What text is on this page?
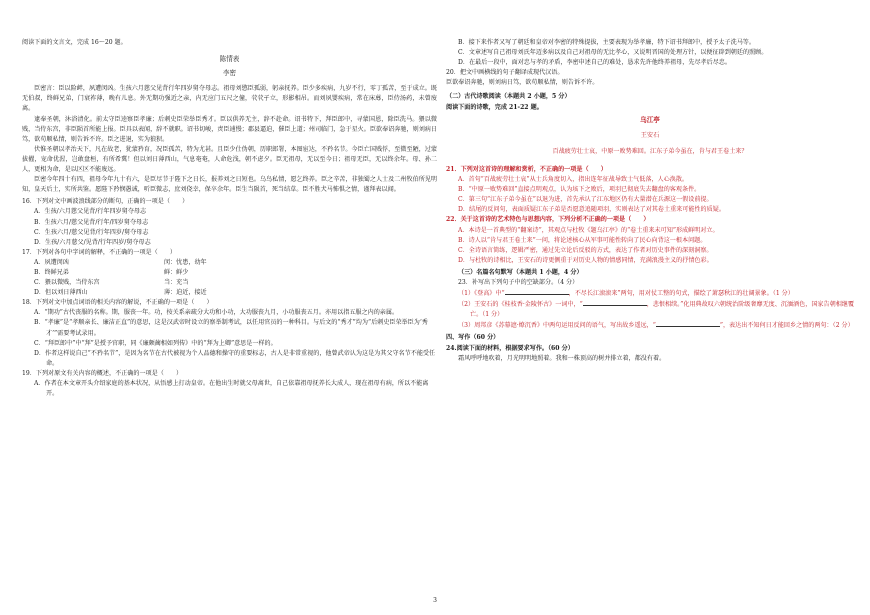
阅读下面的文言文，完成 16～20 题。

陈情表

李密

臣密言：臣以险衅，夙遭闵凶。生孩六月慈父见背行年四岁舅夺母志。祖母刘愍臣孤弱，躬亲抚养。臣少多疾病，九岁不行，零丁孤苦，至于成立。既无伯叔，终鲜兄弟，门衰祚薄，晚有儿息。外无期功强近之亲，内无应门五尺之僮，茕茕孑立，形影相吊。而刘夙婴疾病，常在床蓐，臣侍汤药，未曾废离。

逮奉圣朝，沐浴清化。前太守臣逵察臣孝廉；后刺史臣荣举臣秀才。臣以供养无主，辞不赴命。诏书特下，拜臣郎中，寻蒙国恩，除臣洗马。猥以微贱，当侍东宫，非臣陨首所能上报。臣具以表闻，辞不就职。诏书切峻，责臣逋慢；郡县逼迫，催臣上道；州司临门，急于星火。臣欲奉诏奔驰，则刘病日笃，欲苟顺私情，则告诉不许。臣之进退，实为狼狈。

伏惟圣朝以孝治天下，凡在故老，犹蒙矜育，况臣孤苦，特为尤甚。且臣少仕伪朝，历职郎署，本图宦达，不矜名节。今臣亡国贱俘，至微至陋，过蒙拔擢，宠命优渥，岂敢盘桓，有所希冀！但以刘日薄西山，气息奄奄，人命危浅，朝不虑夕。臣无祖母，无以至今日；祖母无臣，无以终余年。母、孙二人，更相为命，是以区区不能废远。

臣密今年四十有四，祖母今年九十有六，是臣尽节于陛下之日长，报养刘之日短也。乌鸟私情，愿乞终养。臣之辛苦，非独蜀之人士及二州牧伯所见明知，皇天后土，实所共鉴。愿陛下矜悯愚诚，听臣微志，庶刘侥幸，保卒余年。臣生当陨首，死当结草。臣不胜犬马怖惧之情，谨拜表以闻。

16．下列对文中画波浪线部分的断句，正确的一项是（　　）

A．生孩/六月慈父见背/行年四岁舅夺母志

B．生孩六月/慈父见背/行年/四岁舅夺母志

C．生孩六月/慈父见背/行年四岁/舅夺母志

D．生孩/六月慈父/见背/行年四岁/舅夺母志

17．下列对各句中字词的解释，不正确的一项是（　　）

A．夙遭闵凶	闵：忧患，幼年

B．终鲜兄弟	鲜：鲜少

C．猥以微贱，当侍东宫	当：充当

D．但以刘日薄西山	薄：迫近，接近

18．下列对文中加点词语的相关内容的解说，不正确的一项是（　　）

A．“期功”古代丧服的名称。期，服丧一年。功，按关系亲疏分大功和小功，大功服丧九月，小功服丧五月。亦用以指五服之内的亲属。

B．“孝廉”是“孝顺亲长、廉洁正直”的意思，这是汉武帝时设立的察举制考试，以任用官员的一种科目。与后文的“秀才”均为“后刺史臣荣举臣为‘秀才’”需要考试录用。

C．“拜臣郎中”中“拜”是授予官职，同《廉颇蔺相如列传》中的“拜为上卿”意思是一样的。

D．作者这样说自己“不矜名节”，是因为名节在古代被视为个人品德和操守的重要标志，古人是非常重视的，他曾武帝认为这是为其父守名节不能受任命。

19．下列对原文有关内容的概述，不正确的一项是（　　）

A．作者在本文章开头介绍家庭的基本状况，从悟感上打动皇帝。在他出生时就父母离世，自己依靠祖母抚养长大成人，现在祖母有病，所以不能离开。

B．接下来作者又写了朝廷和皇帝对李密的特殊提拔，主要表现为举孝廉，特下诏书拜郎中，授予太子洗马等。

C．文章述写自己祖母刘氏年迈多病以及自己对祖母的无比孝心，又说明晋国的处理方针，以便征辟到朝廷的照顾。

D．在最后一段中，面对忠与孝的矛盾，李密申述自己的难处，恳求先许他终养祖母，先尽孝后尽忠。

20．把文中画横线的句子翻译成现代汉语。

臣欲奉诏奔驰，则刘病日笃，欲苟顺私情，则告诉不许。

（二）古代诗歌阅读（本题共 2 小题，5 分）

阅读下面的诗歌，完成 21-22 题。

乌江亭

王安石

百战疲劳壮士哀，中原一败势难回。江东子弟今虽在，肯与君王卷土来？

21．下列对这首诗的理解和赏析，不正确的一项是（　　）

A．首句“百战疲劳壮士哀”从士兵角度切入，指出连年征战导致士气低落，人心涣散。

B．“中原一败势难回”直接点明观点，认为垓下之败后，项羽已彻底失去翻盘的客观条件。

C．第三句“江东子弟今虽在”以退为进，首先承认了江东地区仍有大量潜在兵源这一假设前提。

D．结尾的反问句，表面质疑江东子弟是否愿意追随项羽，实则表达了对其卷土重来可能性的质疑。

22．关于这首诗的艺术特色与思想内容，下列分析不正确的一项是（　　）

A．本诗是一首典型的“翻案诗”，其观点与杜牧《题乌江亭》的“卷土重来未可知”形成鲜明对立。

B．诗人以“肯与君王卷土来”一问，将论述核心从军事可能性转向了民心向背这一根本问题。

C．全诗语言简练，逻辑严密，通过先立论后反驳的方式，表达了作者对历史事件的深刻洞察。

D．与杜牧的诗相比，王安石的诗更侧重于对历史人物的情感同情，充满浪漫主义的抒情色彩。

（三）名篇名句默写（本题共 1 小题，4 分）

23．补写出下列句子中的空缺部分。（4 分）

（1）《登高》中“	，不尽长江滚滚来”两句，用对仗工整的句式，描绘了萧瑟秋江的壮阔景象。（1 分）

（2）王安石的《桂枝香·金陵怀古》一词中，“	，悲恨相续。”化用典故叹六朝统治阶级奢靡无度、沉湎酒色，国家告朝相继覆亡。（1 分）

（3）周邦彦《苏幕遮·燎沉香》中两句运用反问的语气，写出故乡遥远，“	”，表达出不知何日才能回乡之情的两句：（2 分）

四、写作（60 分）

24.阅读下面的材料，根据要求写作。（60 分）

霜风呼呼地吹着，月光明明地照着。我和一株顶高的树并排立着，都没有着。

3
